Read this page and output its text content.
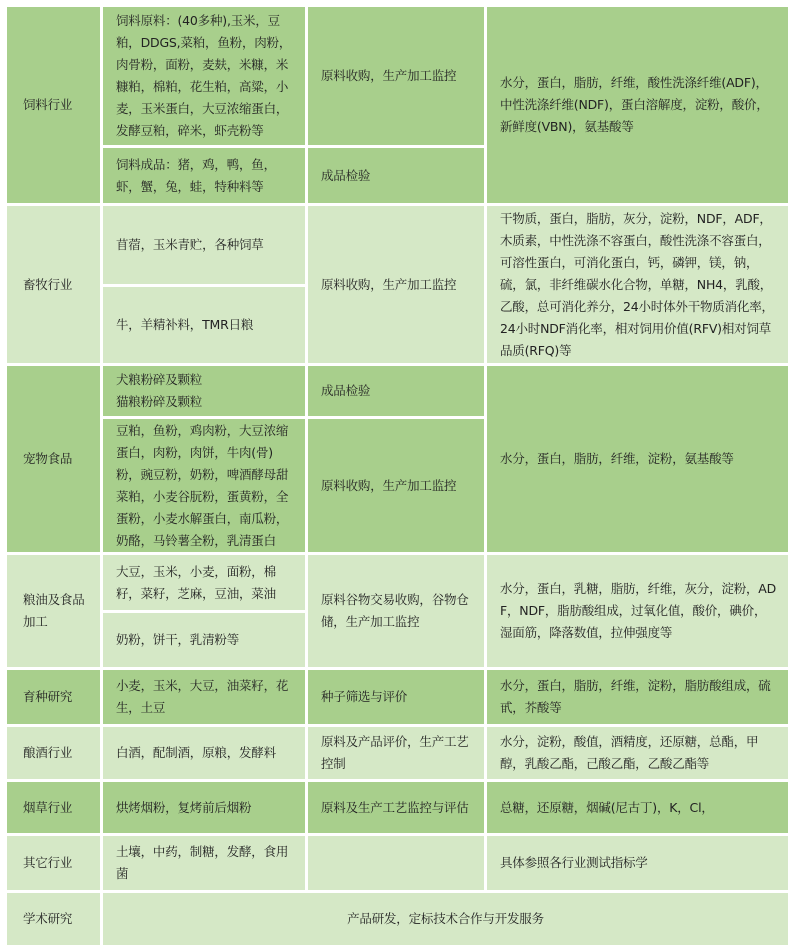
饲料行业
畜牧行业
宠物食品
粮油及食品加工
育种研究
酿酒行业
烟草行业
其它行业
学术研究
饲料原料：(40多种),玉米，豆粕，DDGS,菜粕，鱼粉，肉粉，肉骨粉，面粉，麦麸，米糠，米糠粕，棉粕，花生粕，高粱，小麦，玉米蛋白，大豆浓缩蛋白，发酵豆粕，碎米，虾壳粉等
饲料成品：猪，鸡，鸭，鱼，虾，蟹，兔，蛙，特种料等
苜蓿，玉米青贮，各种饲草
牛，羊精补料，TMR日粮
犬粮粉碎及颗粒
猫粮粉碎及颗粒
豆粕，鱼粉，鸡肉粉，大豆浓缩蛋白，肉粉，肉饼，牛肉(骨)粉，豌豆粉，奶粉，啤酒酵母甜菜粕，小麦谷朊粉，蛋黄粉，全蛋粉，小麦水解蛋白，南瓜粉，奶酪，马铃薯全粉，乳清蛋白
大豆，玉米，小麦，面粉，棉籽，菜籽，芝麻，豆油，菜油
奶粉，饼干，乳清粉等
小麦，玉米，大豆，油菜籽，花生，土豆
白酒，配制酒，原粮，发酵料
烘烤烟粉，复烤前后烟粉
土壤，中药，制糖，发酵，食用菌
原料收购，生产加工监控
成品检验
原料收购，生产加工监控
成品检验
原料收购，生产加工监控
原料谷物交易收购，谷物仓储，生产加工监控
种子筛选与评价
原料及产品评价，生产工艺控制
原料及生产工艺监控与评估
水分，蛋白，脂肪，纤维，酸性洗涤纤维(ADF)，中性洗涤纤维(NDF)，蛋白溶解度，淀粉，酸价，新鲜度(VBN)，氨基酸等
干物质，蛋白，脂肪，灰分，淀粉，NDF，ADF，木质素，中性洗涤不容蛋白，酸性洗涤不容蛋白，可溶性蛋白，可消化蛋白，钙，磷钾，镁，钠，硫，氯，非纤维碳水化合物，单糖，NH4，乳酸，乙酸，总可消化养分，24小时体外干物质消化率，24小时NDF消化率，相对饲用价值(RFV)相对饲草品质(RFQ)等
水分，蛋白，脂肪，纤维，淀粉，氨基酸等
水分，蛋白，乳糖，脂肪，纤维，灰分，淀粉，ADF，NDF，脂肪酸组成，过氧化值，酸价，碘价，湿面筋，降落数值，拉伸强度等
水分，蛋白，脂肪，纤维，淀粉，脂肪酸组成，硫甙，芥酸等
水分，淀粉，酸值，酒精度，还原糖，总酯，甲醇，乳酸乙酯，己酸乙酯，乙酸乙酯等
总糖，还原糖，烟碱(尼古丁)，K，Cl，
具体参照各行业测试指标学
产品研发，定标技术合作与开发服务
